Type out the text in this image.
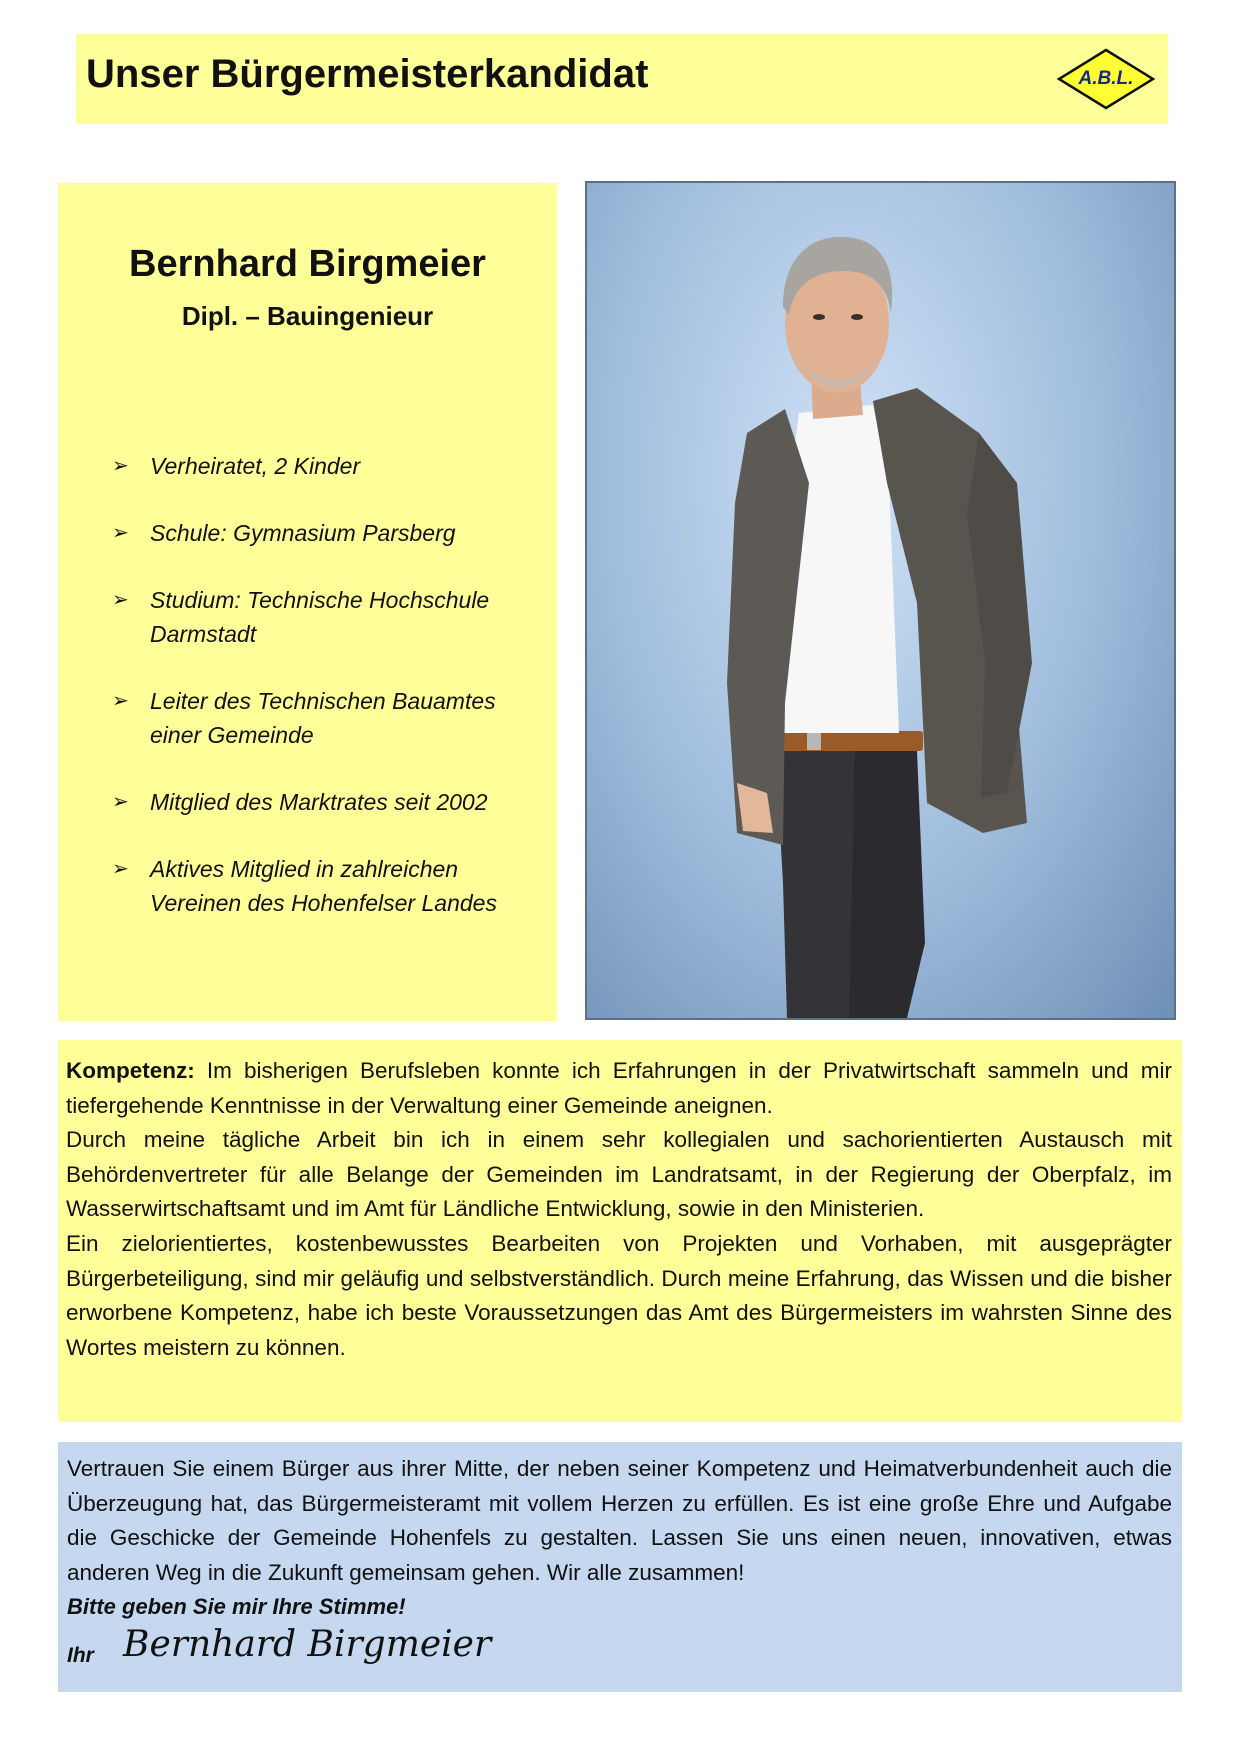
Unser Bürgermeisterkandidat	A.B.L.
Bernhard Birgmeier
Dipl. – Bauingenieur
➢ Verheiratet, 2 Kinder
➢ Schule: Gymnasium Parsberg
➢ Studium: Technische Hochschule Darmstadt
➢ Leiter des Technischen Bauamtes einer Gemeinde
➢ Mitglied des Marktrates seit 2002
➢ Aktives Mitglied in zahlreichen Vereinen des Hohenfelser Landes

Kompetenz: Im bisherigen Berufsleben konnte ich Erfahrungen in der Privatwirtschaft sammeln und mir tiefergehende Kenntnisse in der Verwaltung einer Gemeinde aneignen.

Durch meine tägliche Arbeit bin ich in einem sehr kollegialen und sachorientierten Austausch mit Behördenvertreter für alle Belange der Gemeinden im Landratsamt, in der Regierung der Oberpfalz, im Wasserwirtschaftsamt und im Amt für Ländliche Entwicklung, sowie in den Ministerien.

Ein zielorientiertes, kostenbewusstes Bearbeiten von Projekten und Vorhaben, mit ausgeprägter Bürgerbeteiligung, sind mir geläufig und selbstverständlich. Durch meine Erfahrung, das Wissen und die bisher erworbene Kompetenz, habe ich beste Voraussetzungen das Amt des Bürgermeisters im wahrsten Sinne des Wortes meistern zu können.

Vertrauen Sie einem Bürger aus ihrer Mitte, der neben seiner Kompetenz und Heimatverbundenheit auch die Überzeugung hat, das Bürgermeisteramt mit vollem Herzen zu erfüllen. Es ist eine große Ehre und Aufgabe die Geschicke der Gemeinde Hohenfels zu gestalten. Lassen Sie uns einen neuen, innovativen, etwas anderen Weg in die Zukunft gemeinsam gehen. Wir alle zusammen!

Bitte geben Sie mir Ihre Stimme!

Ihr Bernhard Birgmeier
